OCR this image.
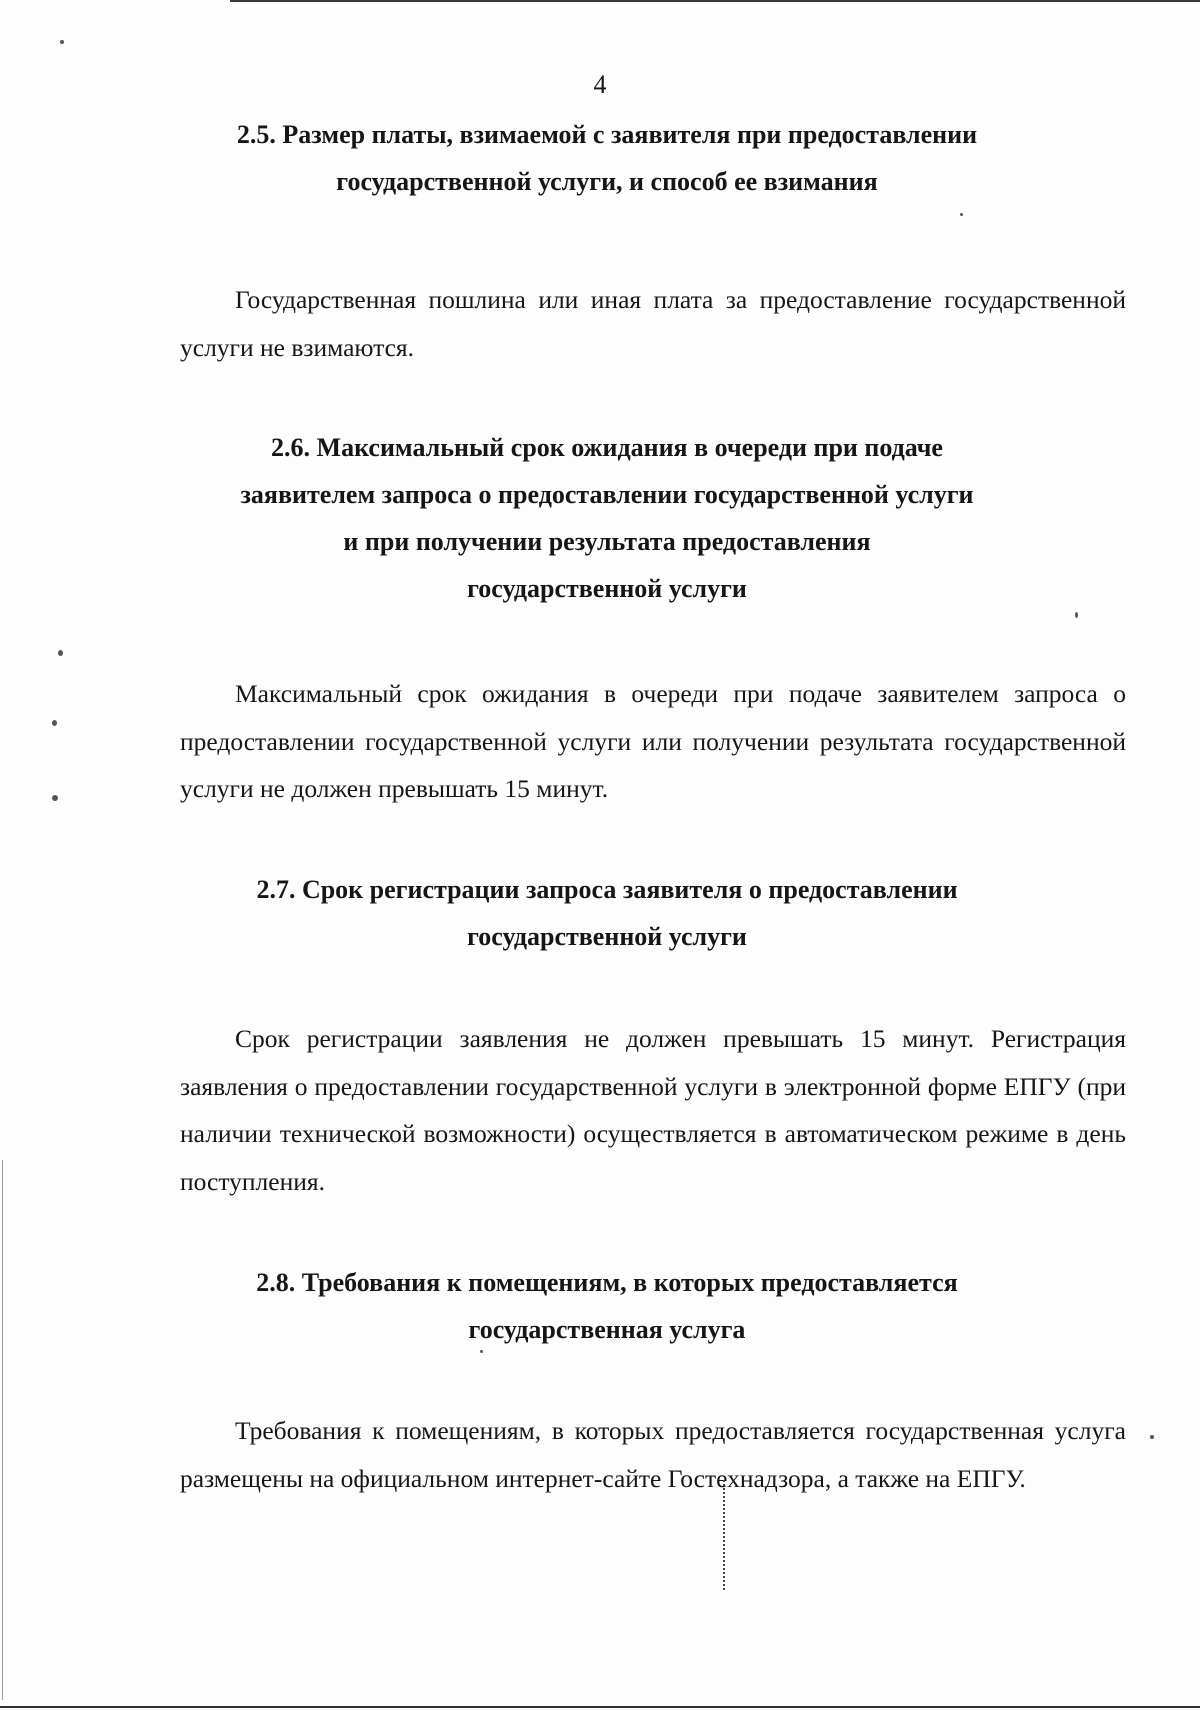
4
2.5. Размер платы, взимаемой с заявителя при предоставлении
государственной услуги, и способ ее взимания

Государственная пошлина или иная плата за предоставление государственной услуги не взимаются.

2.6. Максимальный срок ожидания в очереди при подаче
заявителем запроса о предоставлении государственной услуги
и при получении результата предоставления
государственной услуги

Максимальный срок ожидания в очереди при подаче заявителем запроса о предоставлении государственной услуги или получении результата государственной услуги не должен превышать 15 минут.

2.7. Срок регистрации запроса заявителя о предоставлении
государственной услуги

Срок регистрации заявления не должен превышать 15 минут. Регистрация заявления о предоставлении государственной услуги в электронной форме ЕПГУ (при наличии технической возможности) осуществляется в автоматическом режиме в день поступления.

2.8. Требования к помещениям, в которых предоставляется
государственная услуга

Требования к помещениям, в которых предоставляется государственная услуга размещены на официальном интернет-сайте Гостехнадзора, а также на ЕПГУ.
